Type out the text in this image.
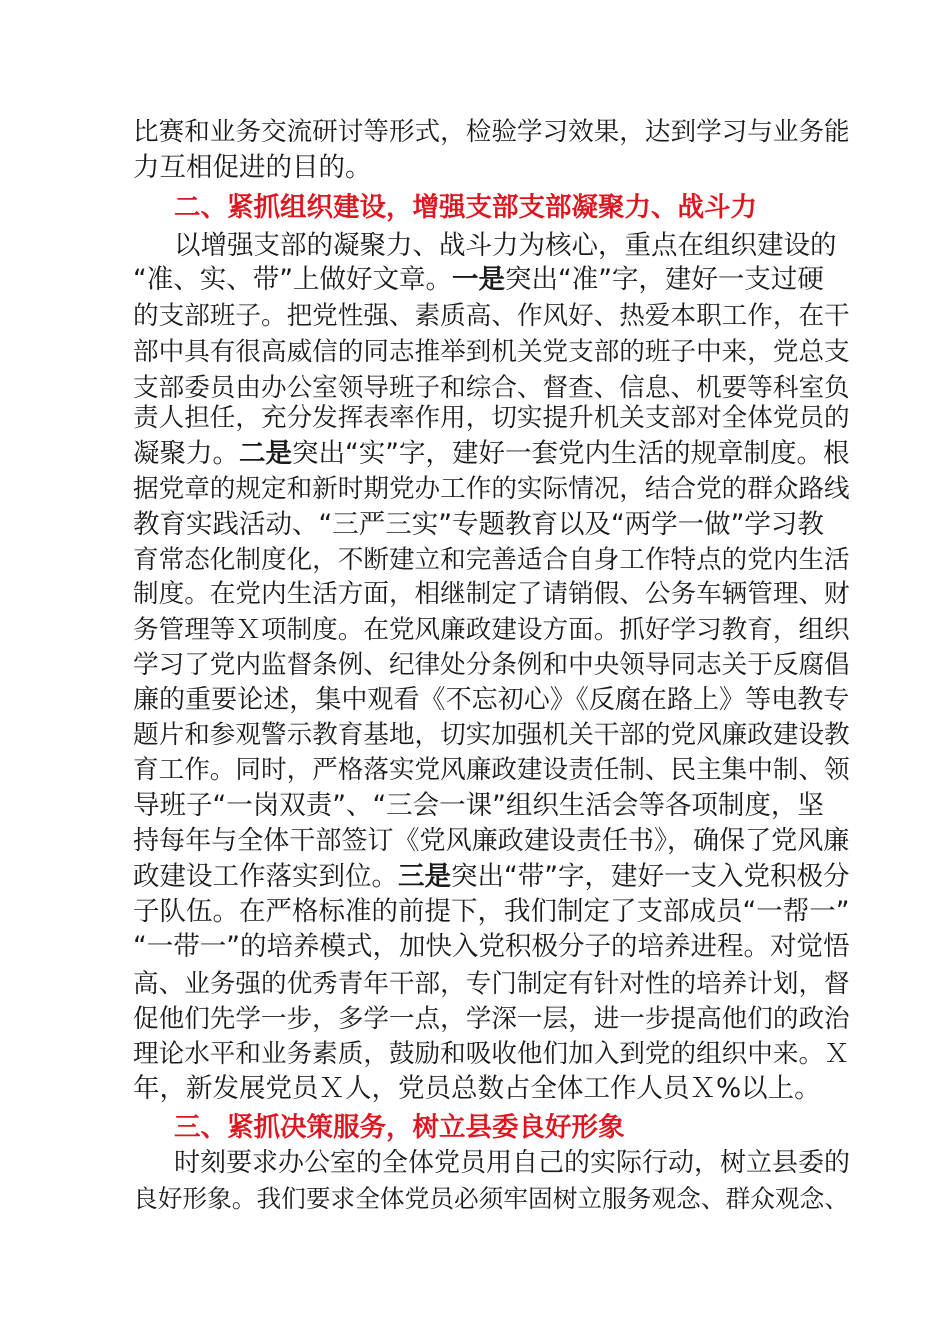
比赛和业务交流研讨等形式，检验学习效果，达到学习与业务能
力互相促进的目的。
二、紧抓组织建设，增强支部支部凝聚力、战斗力
以增强支部的凝聚力、战斗力为核心，重点在组织建设的
“准、实、带”上做好文章。一是突出“准”字，建好一支过硬
的支部班子。把党性强、素质高、作风好、热爱本职工作，在干
部中具有很高威信的同志推举到机关党支部的班子中来，党总支
支部委员由办公室领导班子和综合、督查、信息、机要等科室负
责人担任，充分发挥表率作用，切实提升机关支部对全体党员的
凝聚力。二是突出“实”字，建好一套党内生活的规章制度。根
据党章的规定和新时期党办工作的实际情况，结合党的群众路线
教育实践活动、“三严三实”专题教育以及“两学一做”学习教
育常态化制度化，不断建立和完善适合自身工作特点的党内生活
制度。在党内生活方面，相继制定了请销假、公务车辆管理、财
务管理等Ｘ项制度。在党风廉政建设方面。抓好学习教育，组织
学习了党内监督条例、纪律处分条例和中央领导同志关于反腐倡
廉的重要论述，集中观看《不忘初心》《反腐在路上》等电教专
题片和参观警示教育基地，切实加强机关干部的党风廉政建设教
育工作。同时，严格落实党风廉政建设责任制、民主集中制、领
导班子“一岗双责”、“三会一课”组织生活会等各项制度，坚
持每年与全体干部签订《党风廉政建设责任书》，确保了党风廉
政建设工作落实到位。三是突出“带”字，建好一支入党积极分
子队伍。在严格标准的前提下，我们制定了支部成员“一帮一”
“一带一”的培养模式，加快入党积极分子的培养进程。对觉悟
高、业务强的优秀青年干部，专门制定有针对性的培养计划，督
促他们先学一步，多学一点，学深一层，进一步提高他们的政治
理论水平和业务素质，鼓励和吸收他们加入到党的组织中来。Ｘ
年，新发展党员Ｘ人，党员总数占全体工作人员Ｘ%以上。
三、紧抓决策服务，树立县委良好形象
时刻要求办公室的全体党员用自己的实际行动，树立县委的
良好形象。我们要求全体党员必须牢固树立服务观念、群众观念、
